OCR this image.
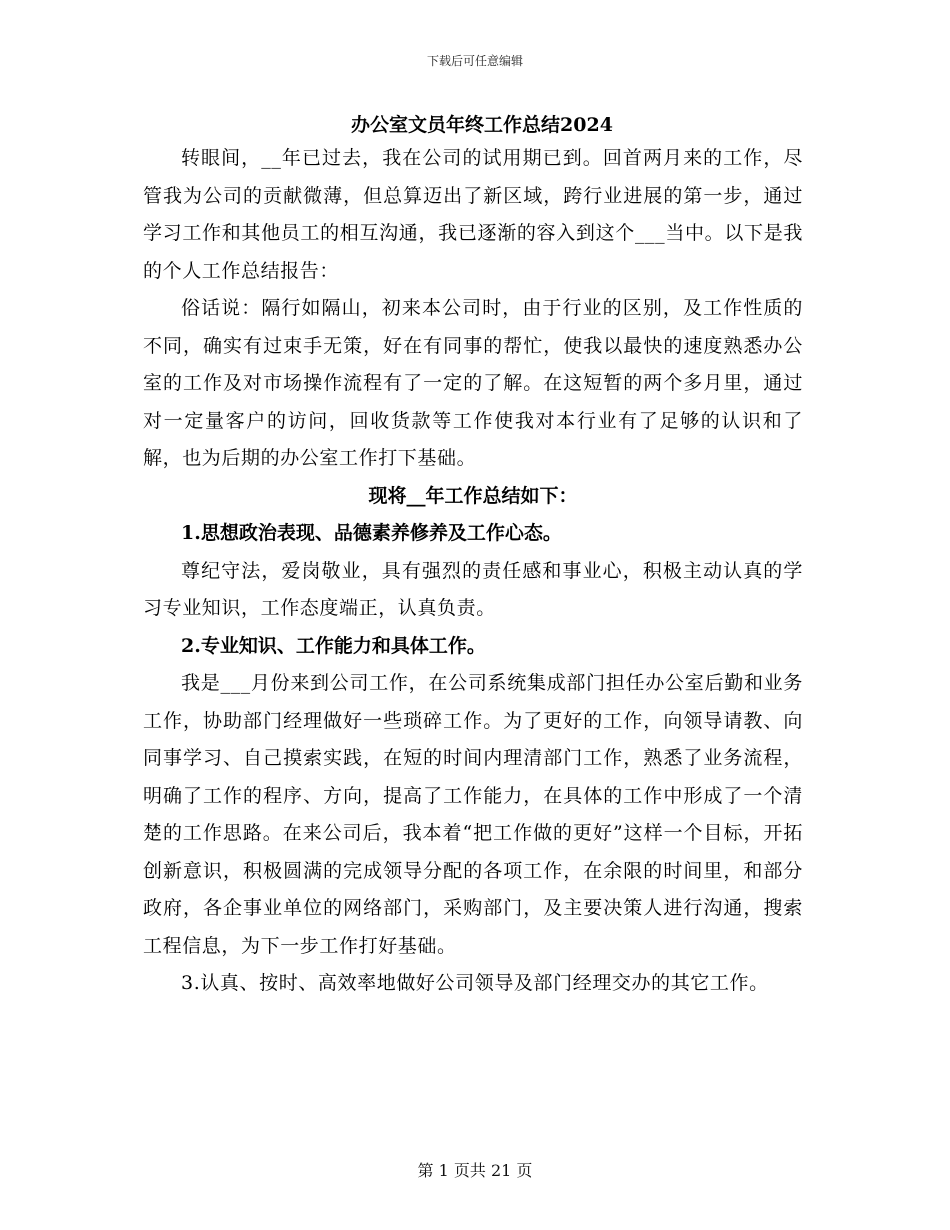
下载后可任意编辑

办公室文员年终工作总结2024

转眼间，__年已过去，我在公司的试用期已到。回首两月来的工作，尽管我为公司的贡献微薄，但总算迈出了新区域，跨行业进展的第一步，通过学习工作和其他员工的相互沟通，我已逐渐的容入到这个___当中。以下是我的个人工作总结报告：

俗话说：隔行如隔山，初来本公司时，由于行业的区别，及工作性质的不同，确实有过束手无策，好在有同事的帮忙，使我以最快的速度熟悉办公室的工作及对市场操作流程有了一定的了解。在这短暂的两个多月里，通过对一定量客户的访问，回收货款等工作使我对本行业有了足够的认识和了解，也为后期的办公室工作打下基础。

现将__年工作总结如下：

1.思想政治表现、品德素养修养及工作心态。

尊纪守法，爱岗敬业，具有强烈的责任感和事业心，积极主动认真的学习专业知识，工作态度端正，认真负责。

2.专业知识、工作能力和具体工作。

我是___月份来到公司工作，在公司系统集成部门担任办公室后勤和业务工作，协助部门经理做好一些琐碎工作。为了更好的工作，向领导请教、向同事学习、自己摸索实践，在短的时间内理清部门工作，熟悉了业务流程，明确了工作的程序、方向，提高了工作能力，在具体的工作中形成了一个清楚的工作思路。在来公司后，我本着“把工作做的更好”这样一个目标，开拓创新意识，积极圆满的完成领导分配的各项工作，在余限的时间里，和部分政府，各企事业单位的网络部门，采购部门，及主要决策人进行沟通，搜索工程信息，为下一步工作打好基础。

3.认真、按时、高效率地做好公司领导及部门经理交办的其它工作。

第 1 页共 21 页
